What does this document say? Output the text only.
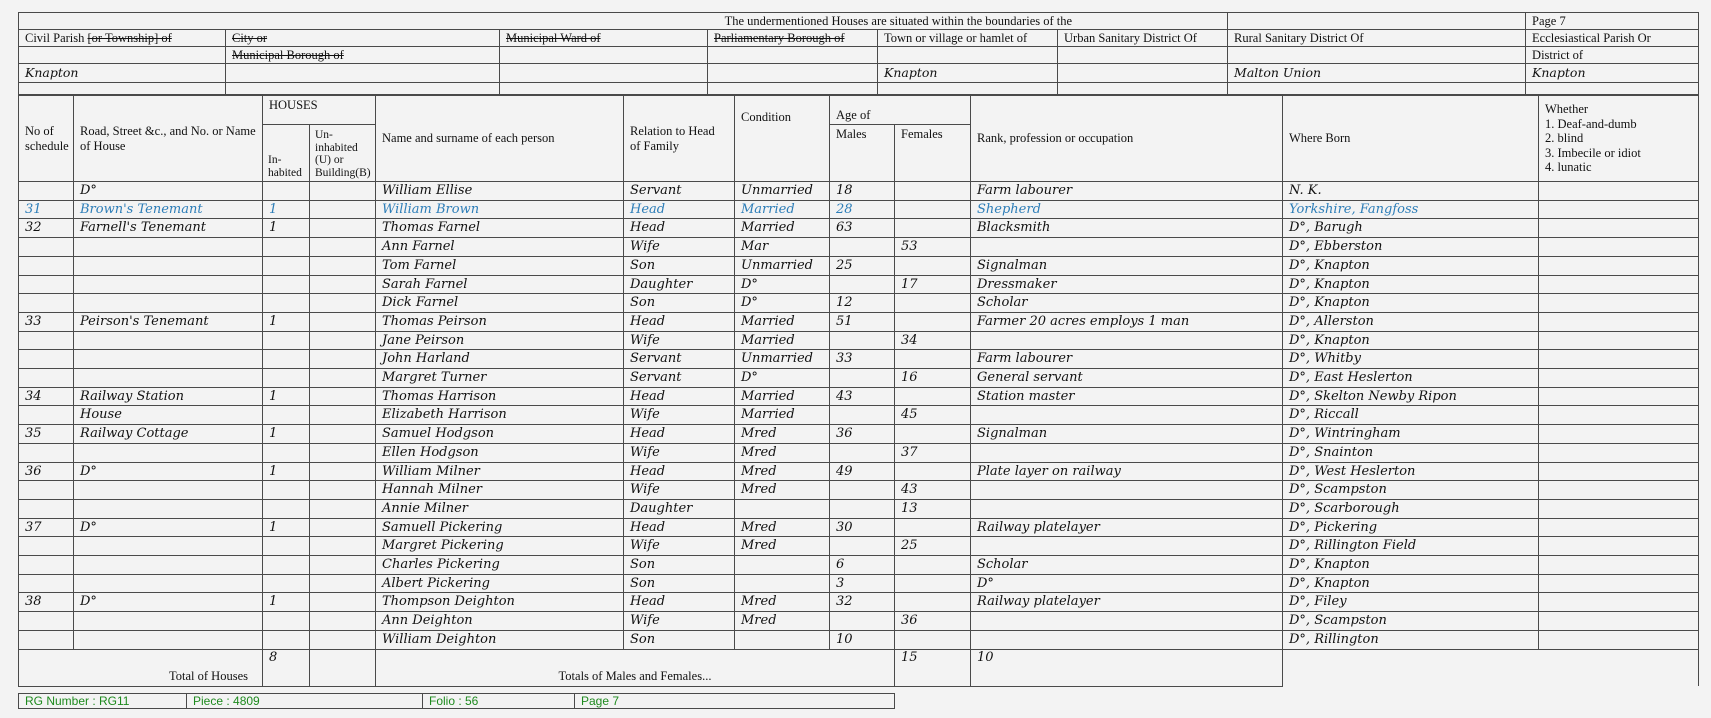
The undermentioned Houses are situated within the boundaries of the							Page 7
Civil Parish [or Township] of	City or	Municipal Ward of	Parliamentary Borough of	Town or village or hamlet of	Urban Sanitary District Of	Rural Sanitary District Of	Ecclesiastical Parish Or
	Municipal Borough of						District of
Knapton				Knapton		Malton Union	Knapton

No of schedule	Road, Street &c., and No. or Name of House	HOUSES		Name and surname of each person	Relation to Head of Family	Condition	Age of		Rank, profession or occupation	Where Born	Whether
1. Deaf-and-dumb
2. blind
3. Imbecile or idiot
4. lunatic

		In-habited	Un-inhabited (U) or Building(B)				Males	Females			
	D°			William Ellise	Servant	Unmarried	18		Farm labourer	N. K.	
31	Brown's Tenemant	1		William Brown	Head	Married	28		Shepherd	Yorkshire, Fangfoss	
32	Farnell's Tenemant	1		Thomas Farnel	Head	Married	63		Blacksmith	D°, Barugh	
				Ann Farnel	Wife	Mar		53		D°, Ebberston	
				Tom Farnel	Son	Unmarried	25		Signalman	D°, Knapton	
				Sarah Farnel	Daughter	D°		17	Dressmaker	D°, Knapton	
				Dick Farnel	Son	D°	12		Scholar	D°, Knapton	
33	Peirson's Tenemant	1		Thomas Peirson	Head	Married	51		Farmer 20 acres employs 1 man	D°, Allerston	
				Jane Peirson	Wife	Married		34		D°, Knapton	
				John Harland	Servant	Unmarried	33		Farm labourer	D°, Whitby	
				Margret Turner	Servant	D°		16	General servant	D°, East Heslerton	
34	Railway Station	1		Thomas Harrison	Head	Married	43		Station master	D°, Skelton Newby Ripon	
	House			Elizabeth Harrison	Wife	Married		45		D°, Riccall	
35	Railway Cottage	1		Samuel Hodgson	Head	Mred	36		Signalman	D°, Wintringham	
				Ellen Hodgson	Wife	Mred		37		D°, Snainton	
36	D°	1		William Milner	Head	Mred	49		Plate layer on railway	D°, West Heslerton	
				Hannah Milner	Wife	Mred		43		D°, Scampston	
				Annie Milner	Daughter			13		D°, Scarborough	
37	D°	1		Samuell Pickering	Head	Mred	30		Railway platelayer	D°, Pickering	
				Margret Pickering	Wife	Mred		25		D°, Rillington Field	
				Charles Pickering	Son		6		Scholar	D°, Knapton	
				Albert Pickering	Son		3		D°	D°, Knapton	
38	D°	1		Thompson Deighton	Head	Mred	32		Railway platelayer	D°, Filey	
				Ann Deighton	Wife	Mred		36		D°, Scampston	
				William Deighton	Son		10			D°, Rillington	
Total of Houses		8		Totals of Males and Females...				15	10		
RG Number : RG11	Piece : 4809	Folio : 56	Page 7
